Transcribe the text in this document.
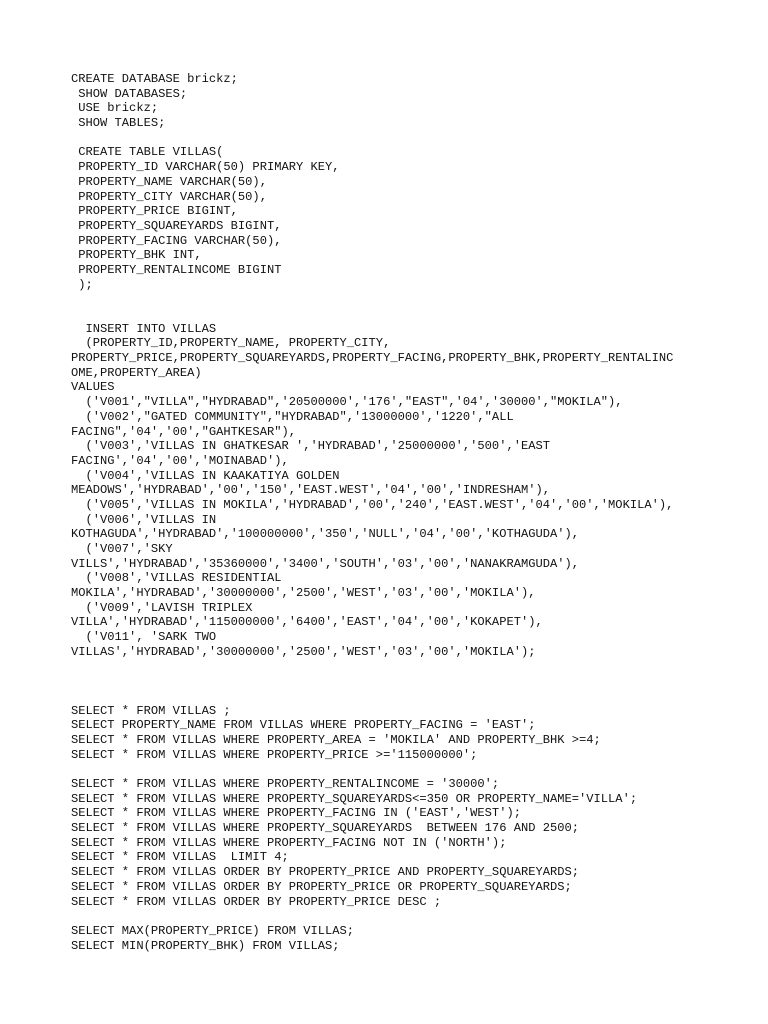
CREATE DATABASE brickz;
SHOW DATABASES;
USE brickz;
SHOW TABLES;
CREATE TABLE VILLAS(
PROPERTY_ID VARCHAR(50) PRIMARY KEY,
PROPERTY_NAME VARCHAR(50),
PROPERTY_CITY VARCHAR(50),
PROPERTY_PRICE BIGINT,
PROPERTY_SQUAREYARDS BIGINT,
PROPERTY_FACING VARCHAR(50),
PROPERTY_BHK INT,
PROPERTY_RENTALINCOME BIGINT
);
INSERT INTO VILLAS
(PROPERTY_ID,PROPERTY_NAME, PROPERTY_CITY,
PROPERTY_PRICE,PROPERTY_SQUAREYARDS,PROPERTY_FACING,PROPERTY_BHK,PROPERTY_RENTALINC
OME,PROPERTY_AREA)
VALUES
('V001',"VILLA","HYDRABAD",'20500000','176',"EAST",'04','30000',"MOKILA"),
('V002',"GATED COMMUNITY","HYDRABAD",'13000000','1220',"ALL
FACING",'04','00',"GAHTKESAR"),
('V003','VILLAS IN GHATKESAR ','HYDRABAD','25000000','500','EAST
FACING','04','00','MOINABAD'),
('V004','VILLAS IN KAAKATIYA GOLDEN
MEADOWS','HYDRABAD','00','150','EAST.WEST','04','00','INDRESHAM'),
('V005','VILLAS IN MOKILA','HYDRABAD','00','240','EAST.WEST','04','00','MOKILA'),
('V006','VILLAS IN
KOTHAGUDA','HYDRABAD','100000000','350','NULL','04','00','KOTHAGUDA'),
('V007','SKY
VILLS','HYDRABAD','35360000','3400','SOUTH','03','00','NANAKRAMGUDA'),
('V008','VILLAS RESIDENTIAL
MOKILA','HYDRABAD','30000000','2500','WEST','03','00','MOKILA'),
('V009','LAVISH TRIPLEX
VILLA','HYDRABAD','115000000','6400','EAST','04','00','KOKAPET'),
('V011', 'SARK TWO
VILLAS','HYDRABAD','30000000','2500','WEST','03','00','MOKILA');
SELECT * FROM VILLAS ;
SELECT PROPERTY_NAME FROM VILLAS WHERE PROPERTY_FACING = 'EAST';
SELECT * FROM VILLAS WHERE PROPERTY_AREA = 'MOKILA' AND PROPERTY_BHK >=4;
SELECT * FROM VILLAS WHERE PROPERTY_PRICE >='115000000';
SELECT * FROM VILLAS WHERE PROPERTY_RENTALINCOME = '30000';
SELECT * FROM VILLAS WHERE PROPERTY_SQUAREYARDS<=350 OR PROPERTY_NAME='VILLA';
SELECT * FROM VILLAS WHERE PROPERTY_FACING IN ('EAST','WEST');
SELECT * FROM VILLAS WHERE PROPERTY_SQUAREYARDS  BETWEEN 176 AND 2500;
SELECT * FROM VILLAS WHERE PROPERTY_FACING NOT IN ('NORTH');
SELECT * FROM VILLAS  LIMIT 4;
SELECT * FROM VILLAS ORDER BY PROPERTY_PRICE AND PROPERTY_SQUAREYARDS;
SELECT * FROM VILLAS ORDER BY PROPERTY_PRICE OR PROPERTY_SQUAREYARDS;
SELECT * FROM VILLAS ORDER BY PROPERTY_PRICE DESC ;
SELECT MAX(PROPERTY_PRICE) FROM VILLAS;
SELECT MIN(PROPERTY_BHK) FROM VILLAS;
